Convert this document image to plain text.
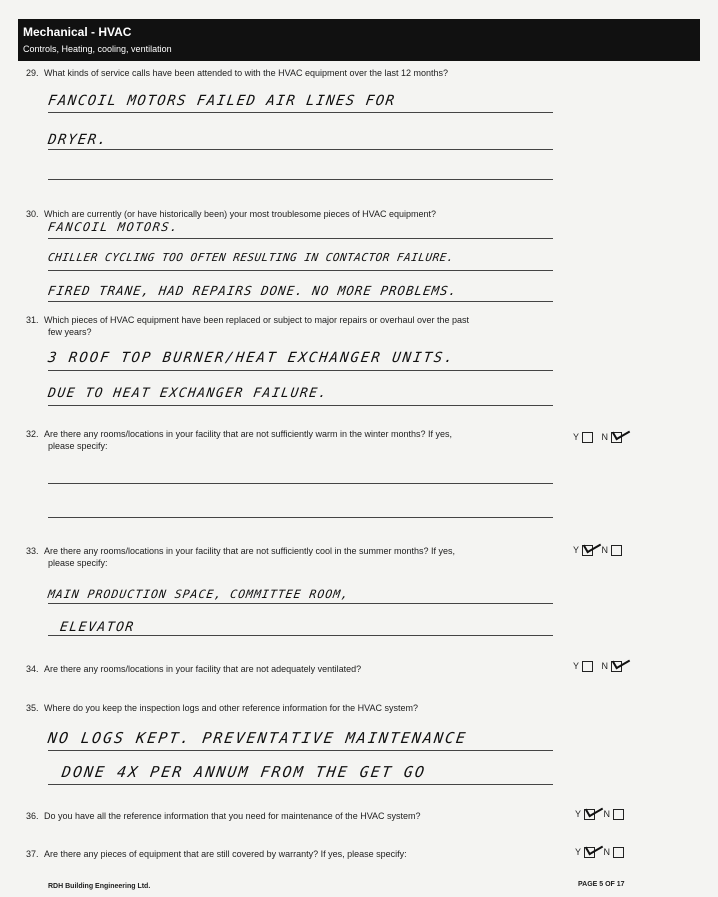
Mechanical - HVAC
Controls, Heating, cooling, ventilation
29. What kinds of service calls have been attended to with the HVAC equipment over the last 12 months?
FANCOIL MOTORS FAILED AIR LINES FOR
DRYER.
30. Which are currently (or have historically been) your most troublesome pieces of HVAC equipment?
FANCOIL MOTORS.
CHILLER CYCLING TOO OFTEN RESULTING IN CONTACTOR FAILURE.
FIRED TRANE, HAD REPAIRS DONE. NO MORE PROBLEMS.
31. Which pieces of HVAC equipment have been replaced or subject to major repairs or overhaul over the past
few years?
3 ROOF TOP BURNER/HEAT EXCHANGER UNITS.
DUE TO HEAT EXCHANGER FAILURE.
32. Are there any rooms/locations in your facility that are not sufficiently warm in the winter months? If yes,
please specify:
Y	N
33. Are there any rooms/locations in your facility that are not sufficiently cool in the summer months? If yes,
please specify:
Y	N
MAIN PRODUCTION SPACE, COMMITTEE ROOM,
ELEVATOR
34. Are there any rooms/locations in your facility that are not adequately ventilated?	Y	N
35. Where do you keep the inspection logs and other reference information for the HVAC system?
NO LOGS KEPT. PREVENTATIVE MAINTENANCE
DONE 4X PER ANNUM FROM THE GET GO
36. Do you have all the reference information that you need for maintenance of the HVAC system?	Y	N
37. Are there any pieces of equipment that are still covered by warranty? If yes, please specify:	Y	N
RDH Building Engineering Ltd.	PAGE 5 OF 17
